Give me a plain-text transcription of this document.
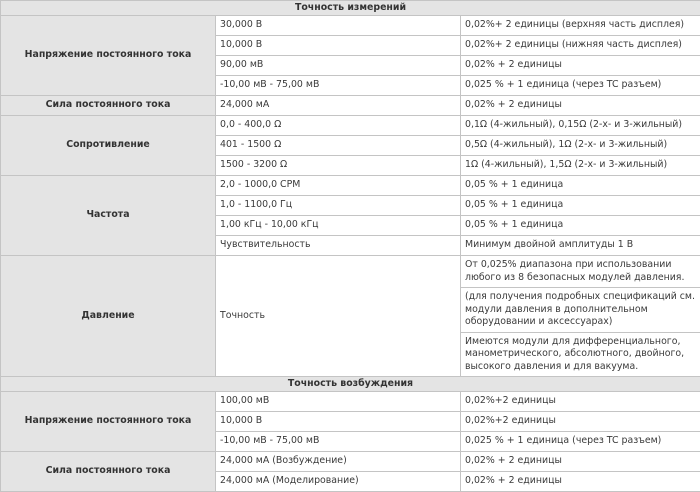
Точность измерений		
Напряжение постоянного тока	30,000 В	0,02%+ 2 единицы (верхняя часть дисплея)
	10,000 В	0,02%+ 2 единицы (нижняя часть дисплея)
	90,00 мВ	0,02% + 2 единицы
	-10,00 мВ - 75,00 мВ	0,025 % + 1 единица (через TC разъем)
Сила постоянного тока	24,000 мА	0,02% + 2 единицы
Сопротивление	0,0 - 400,0 Ω	0,1Ω (4-жильный), 0,15Ω (2-х- и 3-жильный)
	401 - 1500 Ω	0,5Ω (4-жильный), 1Ω (2-х- и 3-жильный)
	1500 - 3200 Ω	1Ω (4-жильный), 1,5Ω (2-х- и 3-жильный)
Частота	2,0 - 1000,0 CPM	0,05 % + 1 единица
	1,0 - 1100,0 Гц	0,05 % + 1 единица
	1,00 кГц - 10,00 кГц	0,05 % + 1 единица
	Чувствительность	Минимум двойной амплитуды 1 В
Давление	Точность	От 0,025% диапазона при использовании любого из 8 безопасных модулей давления.
		(для получения подробных спецификаций см. модули давления в дополнительном оборудовании и аксессуарах)
		Имеются модули для дифференциального, манометрического, абсолютного, двойного, высокого давления и для вакуума.
Точность возбуждения		
Напряжение постоянного тока	100,00 мВ	0,02%+2 единицы
	10,000 В	0,02%+2 единицы
	-10,00 мВ - 75,00 мВ	0,025 % + 1 единица (через TC разъем)
Сила постоянного тока	24,000 мА (Возбуждение)	0,02% + 2 единицы
	24,000 мА (Моделирование)	0,02% + 2 единицы
